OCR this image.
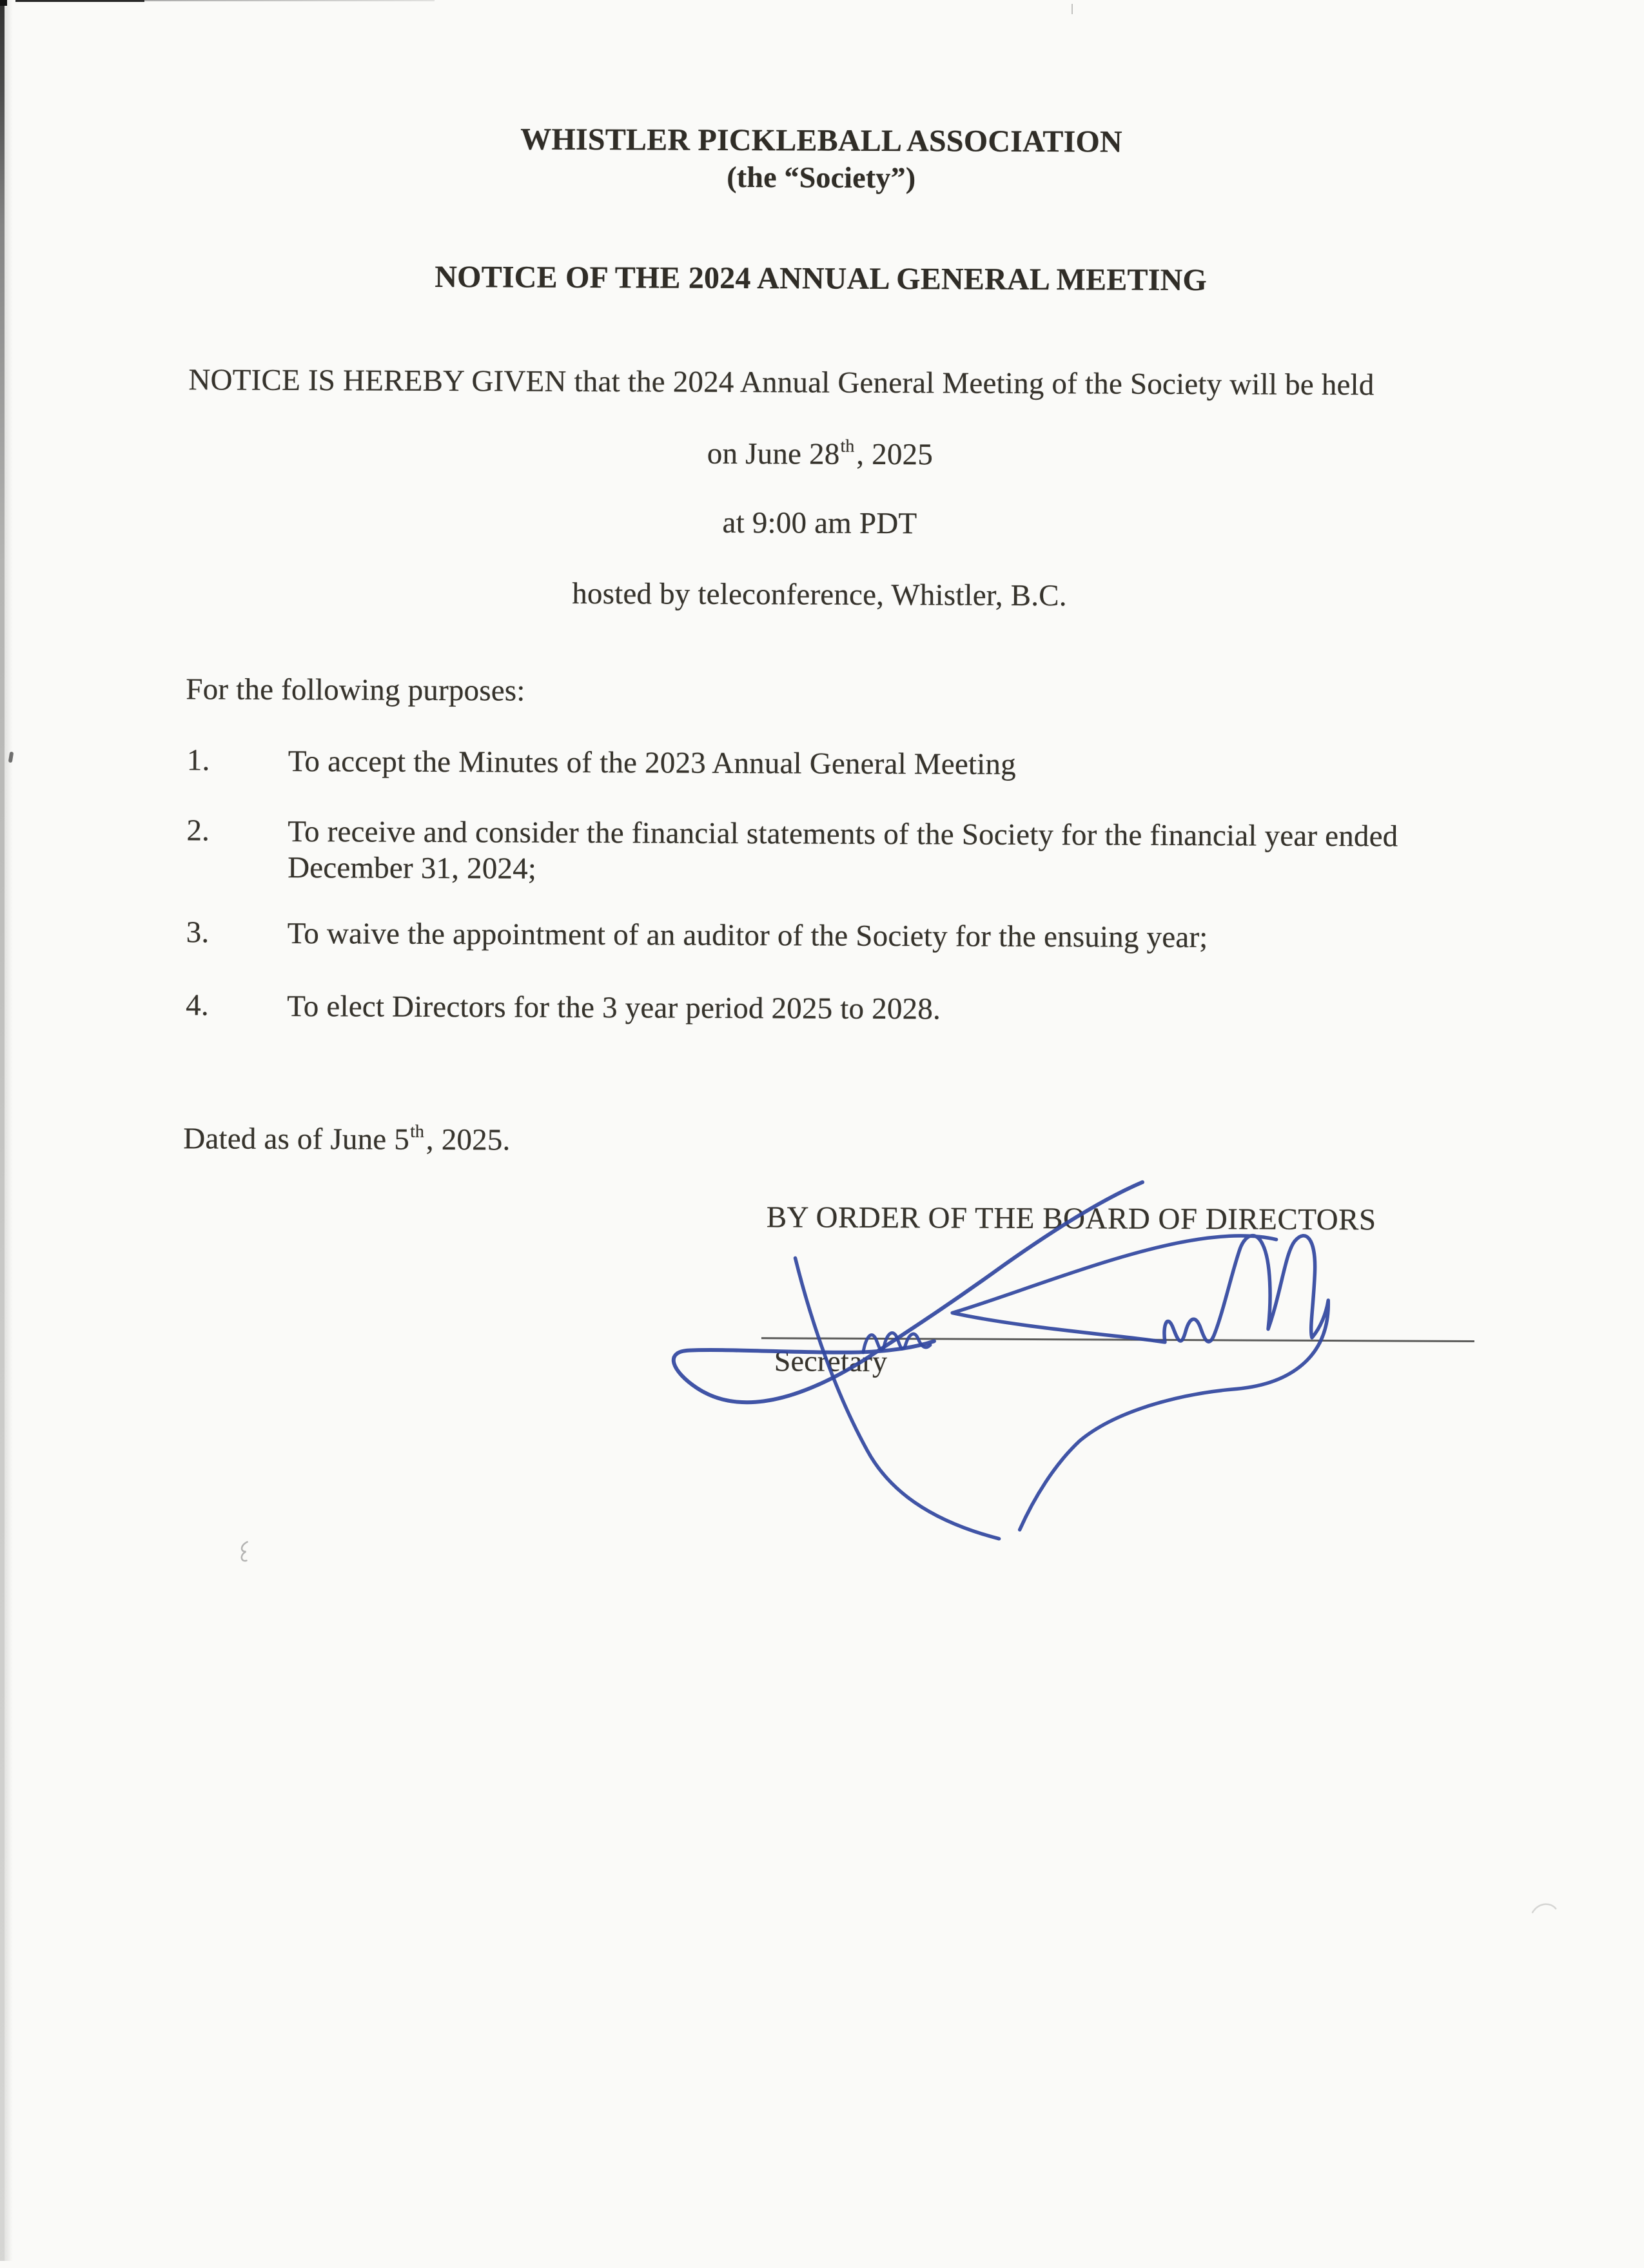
WHISTLER PICKLEBALL ASSOCIATION
(the “Society”)
NOTICE OF THE 2024 ANNUAL GENERAL MEETING
NOTICE IS HEREBY GIVEN that the 2024 Annual General Meeting of the Society will be held
on June 28th, 2025
at 9:00 am PDT
hosted by teleconference, Whistler, B.C.
For the following purposes:
1.	To accept the Minutes of the 2023 Annual General Meeting
2.	To receive and consider the financial statements of the Society for the financial year ended
December 31, 2024;
3.	To waive the appointment of an auditor of the Society for the ensuing year;
4.	To elect Directors for the 3 year period 2025 to 2028.
Dated as of June 5th, 2025.
BY ORDER OF THE BOARD OF DIRECTORS
Secretary
